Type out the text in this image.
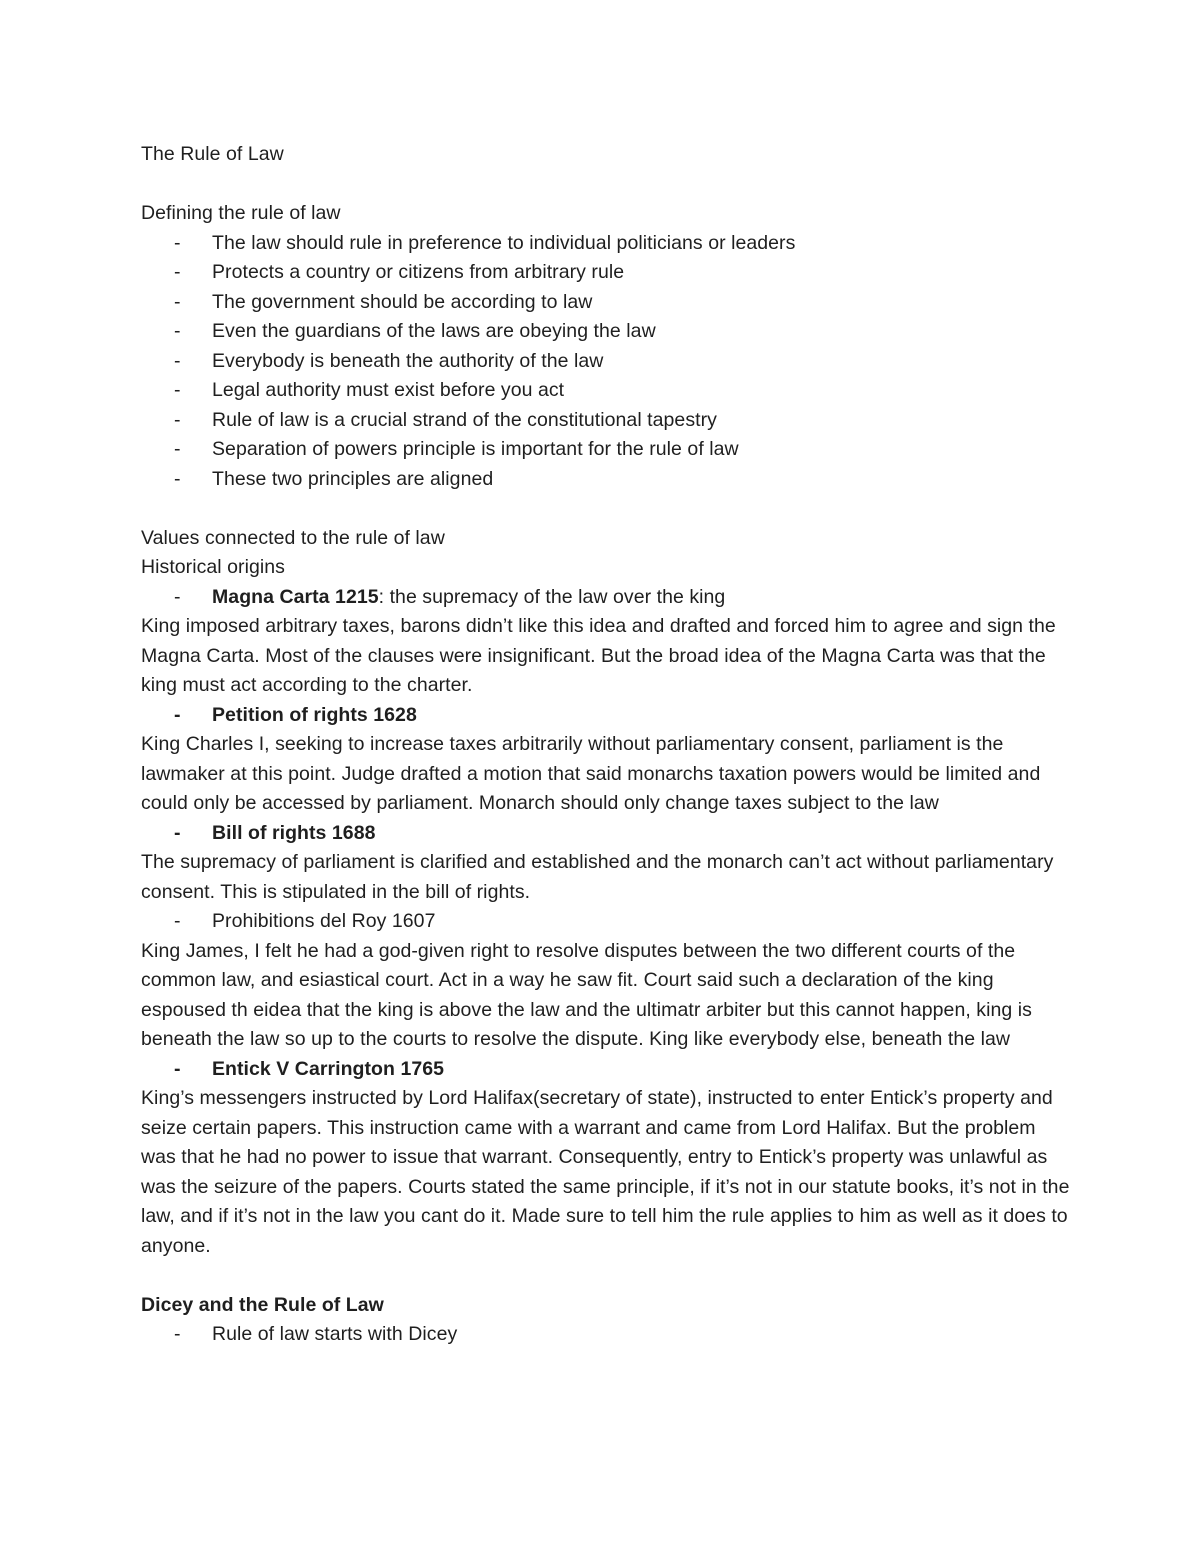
The Rule of Law

Defining the rule of law

-	The law should rule in preference to individual politicians or leaders
-	Protects a country or citizens from arbitrary rule
-	The government should be according to law
-	Even the guardians of the laws are obeying the law
-	Everybody is beneath the authority of the law
-	Legal authority must exist before you act
-	Rule of law is a crucial strand of the constitutional tapestry
-	Separation of powers principle is important for the rule of law
-	These two principles are aligned

Values connected to the rule of law

Historical origins

-	Magna Carta 1215: the supremacy of the law over the king

King imposed arbitrary taxes, barons didn’t like this idea and drafted and forced him to agree and sign the Magna Carta. Most of the clauses were insignificant. But the broad idea of the Magna Carta was that the king must act according to the charter.

-	Petition of rights 1628

King Charles I, seeking to increase taxes arbitrarily without parliamentary consent, parliament is the lawmaker at this point. Judge drafted a motion that said monarchs taxation powers would be limited and could only be accessed by parliament. Monarch should only change taxes subject to the law

-	Bill of rights 1688

The supremacy of parliament is clarified and established and the monarch can’t act without parliamentary consent. This is stipulated in the bill of rights.

-	Prohibitions del Roy 1607

King James, I felt he had a god-given right to resolve disputes between the two different courts of the common law, and esiastical court. Act in a way he saw fit. Court said such a declaration of the king espoused th eidea that the king is above the law and the ultimatr arbiter but this cannot happen, king is beneath the law so up to the courts to resolve the dispute. King like everybody else, beneath the law

-	Entick V Carrington 1765

King’s messengers instructed by Lord Halifax(secretary of state), instructed to enter Entick’s property and seize certain papers. This instruction came with a warrant and came from Lord Halifax. But the problem was that he had no power to issue that warrant. Consequently, entry to Entick’s property was unlawful as was the seizure of the papers. Courts stated the same principle, if it’s not in our statute books, it’s not in the law, and if it’s not in the law you cant do it. Made sure to tell him the rule applies to him as well as it does to anyone.

Dicey and the Rule of Law

-	Rule of law starts with Dicey
